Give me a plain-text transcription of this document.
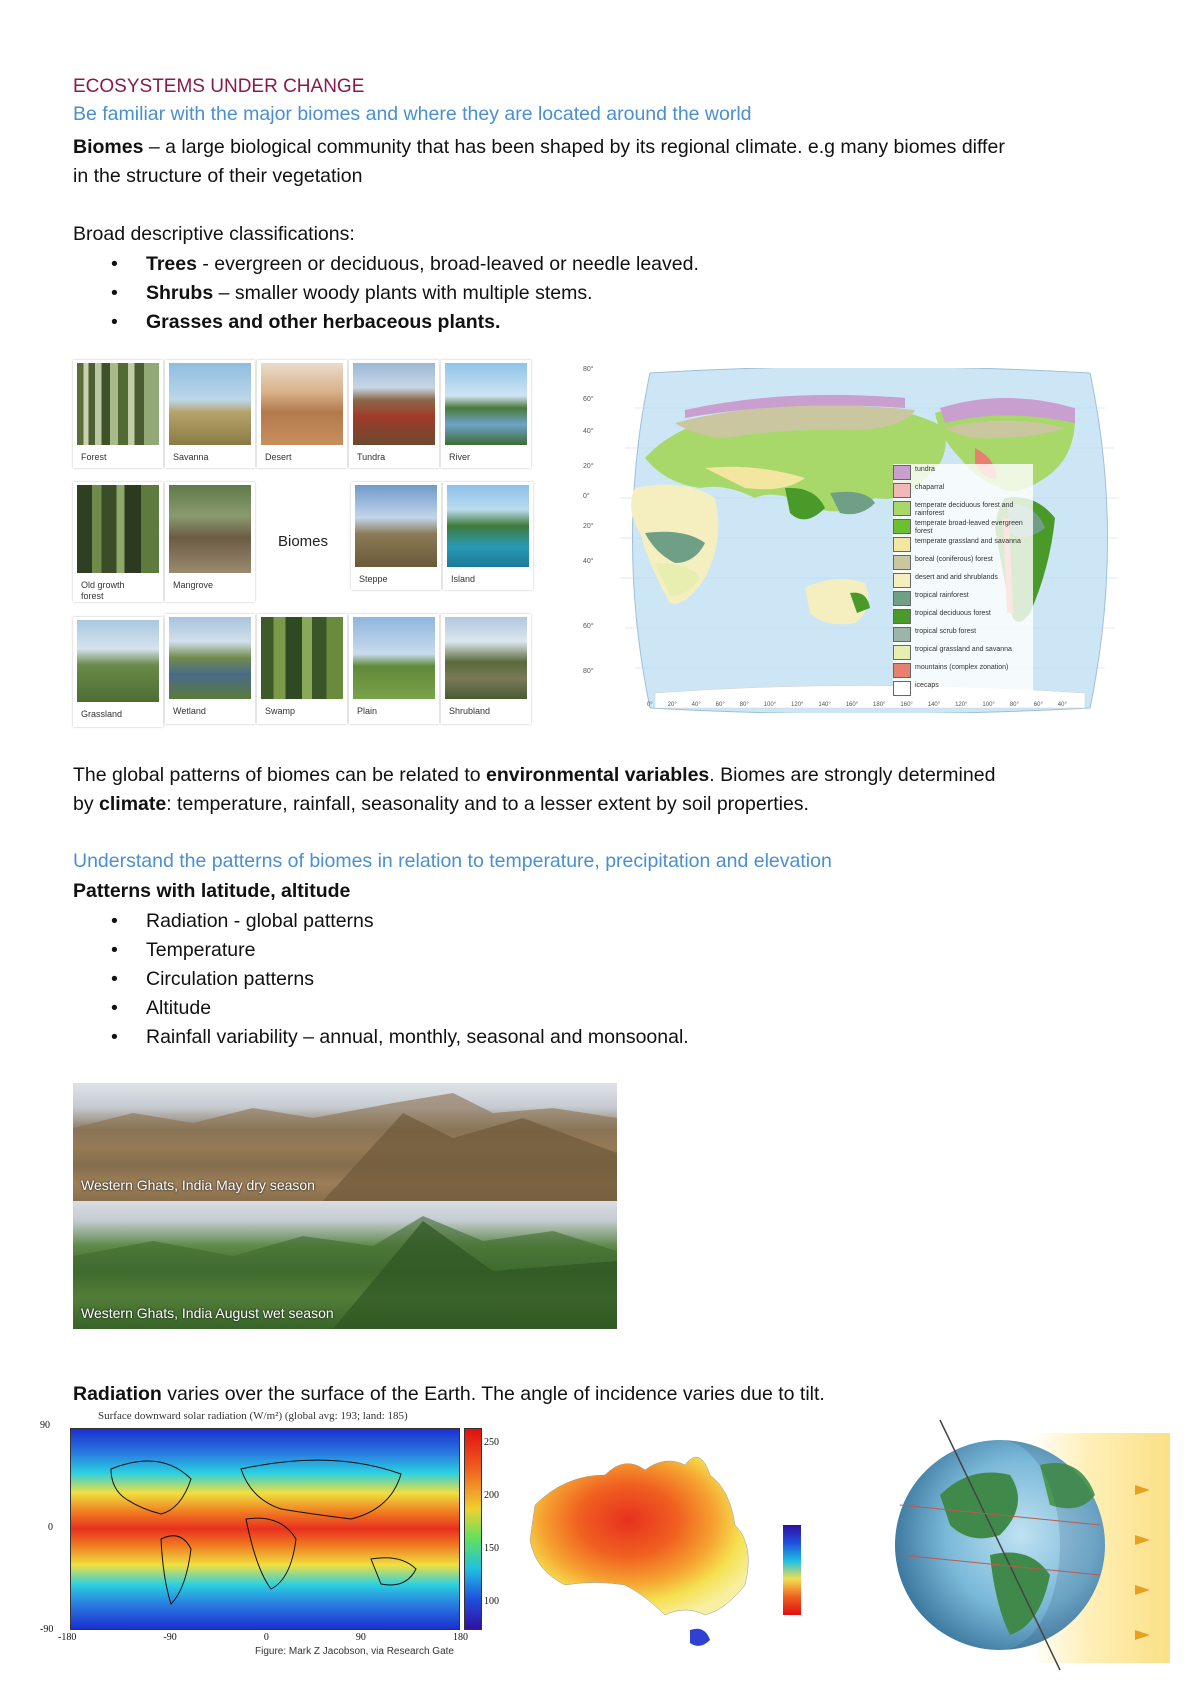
ECOSYSTEMS UNDER CHANGE
Be familiar with the major biomes and where they are located around the world
Biomes – a large biological community that has been shaped by its regional climate. e.g many biomes differ
in the structure of their vegetation
Broad descriptive classifications:
• Trees - evergreen or deciduous, broad-leaved or needle leaved.
• Shrubs – smaller woody plants with multiple stems.
• Grasses and other herbaceous plants.
Forest	Savanna	Desert	Tundra	River
Old growth
forest
Mangrove
Biomes
Steppe	Island
Grassland	Wetland	Swamp	Plain	Shrubland
80°
60°
40°
20°
0°
20°
40°
60°
80°
0° 20° 40° 60° 80° 100° 120° 140° 160° 180° 160° 140° 120° 100° 80° 60° 40°
tundra
chaparral
temperate deciduous forest and rainforest
temperate broad-leaved evergreen forest
temperate grassland and savanna
boreal (coniferous) forest
desert and arid shrublands
tropical rainforest
tropical deciduous forest
tropical scrub forest
tropical grassland and savanna
mountains (complex zonation)
icecaps
The global patterns of biomes can be related to environmental variables. Biomes are strongly determined
by climate: temperature, rainfall, seasonality and to a lesser extent by soil properties.
Understand the patterns of biomes in relation to temperature, precipitation and elevation
Patterns with latitude, altitude
• Radiation - global patterns
• Temperature
• Circulation patterns
• Altitude
• Rainfall variability – annual, monthly, seasonal and monsoonal.
Western Ghats, India May dry season
Western Ghats, India August wet season
Radiation varies over the surface of the Earth. The angle of incidence varies due to tilt.
Surface downward solar radiation (W/m²) (global avg: 193; land: 185)
90
0
-90
-180	-90	0	90	180
250
200
150
100
Figure: Mark Z Jacobson, via Research Gate
